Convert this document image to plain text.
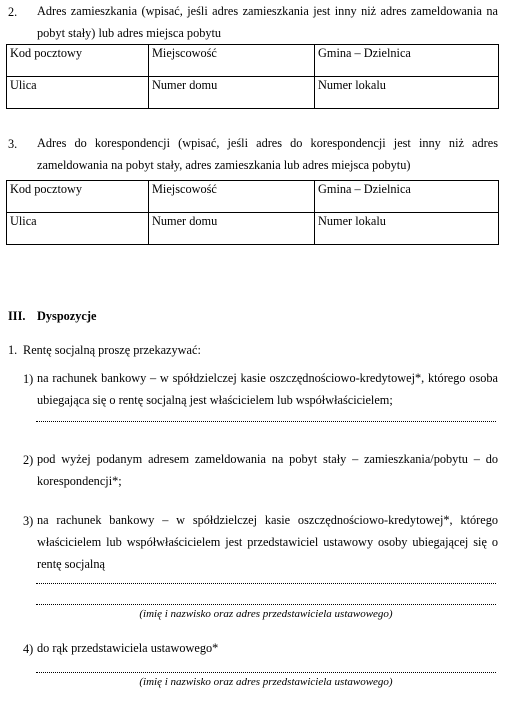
2. Adres zamieszkania (wpisać, jeśli adres zamieszkania jest inny niż adres zameldowania na pobyt stały) lub adres miejsca pobytu
Kod pocztowy	Miejscowość	Gmina – Dzielnica
Ulica	Numer domu	Numer lokalu
3. Adres do korespondencji (wpisać, jeśli adres do korespondencji jest inny niż adres zameldowania na pobyt stały, adres zamieszkania lub adres miejsca pobytu)
Kod pocztowy	Miejscowość	Gmina – Dzielnica
Ulica	Numer domu	Numer lokalu
III. Dyspozycje
1. Rentę socjalną proszę przekazywać:
1) na rachunek bankowy – w spółdzielczej kasie oszczędnościowo-kredytowej*, którego osoba ubiegająca się o rentę socjalną jest właścicielem lub współwłaścicielem;
2) pod wyżej podanym adresem zameldowania na pobyt stały – zamieszkania/pobytu – do korespondencji*;
3) na rachunek bankowy – w spółdzielczej kasie oszczędnościowo-kredytowej*, którego właścicielem lub współwłaścicielem jest przedstawiciel ustawowy osoby ubiegającej się o rentę socjalną
(imię i nazwisko oraz adres przedstawiciela ustawowego)
4) do rąk przedstawiciela ustawowego*
(imię i nazwisko oraz adres przedstawiciela ustawowego)
